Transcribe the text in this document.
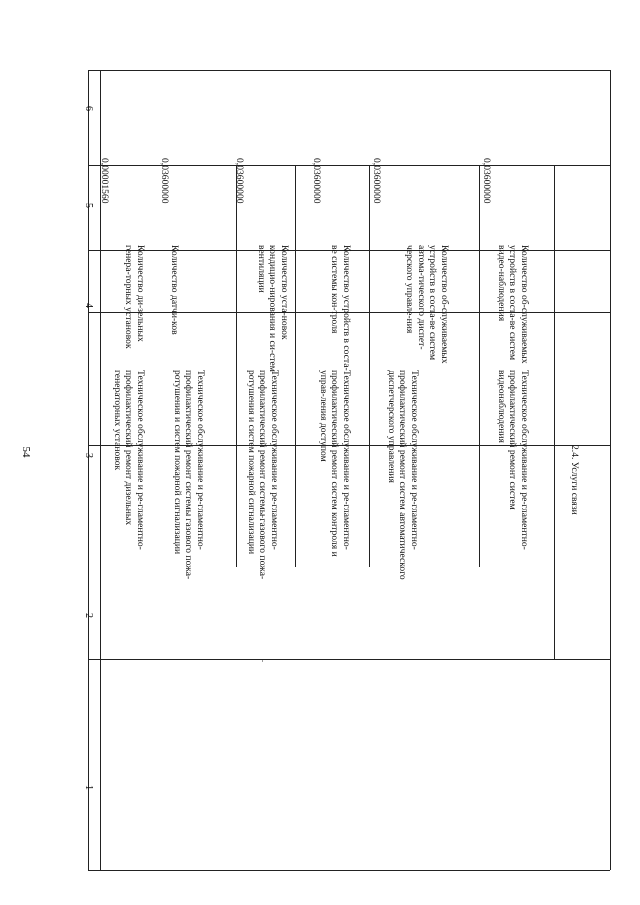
54
1
2
3
4
5
6
Техническое обслуживание и ре-гламентно-профилактический ремонт дизельных генераторных установок
Количество ди-зельных генера-торных установок
0,00001560
Техническое обслуживание и ре-гламентно-профилактический ремонт системы газового пожа-ротушения и систем пожарной сигнализации
Количество датчи-ков
0,03600000
Техническое обслуживание и ре-гламентно-профилактический ремонт системы газового пожа-ротушения и систем пожарной сигнализации
Количество уста-новок кондицио-нирования и си-стем вентиляции
0,03600000
Техническое обслуживание и ре-гламентно-профилактический ремонт систем контроля и управ-ления доступом
Количество устройств в соста-ве системы кон-троля
0,03600000
Техническое обслуживание и ре-гламентно-профилактический ремонт систем автоматического диспетчерского управления
Количество об-служиваемых устройств в соста-ве систем автома-тического диспет-черского управле-ния
0,03600000
Техническое обслуживание и ре-гламентно-профилактический ремонт систем видеонаблюдения
Количество об-служиваемых устройств в соста-ве систем видео-наблюдения
0,03600000
2.4. Услуги связи
